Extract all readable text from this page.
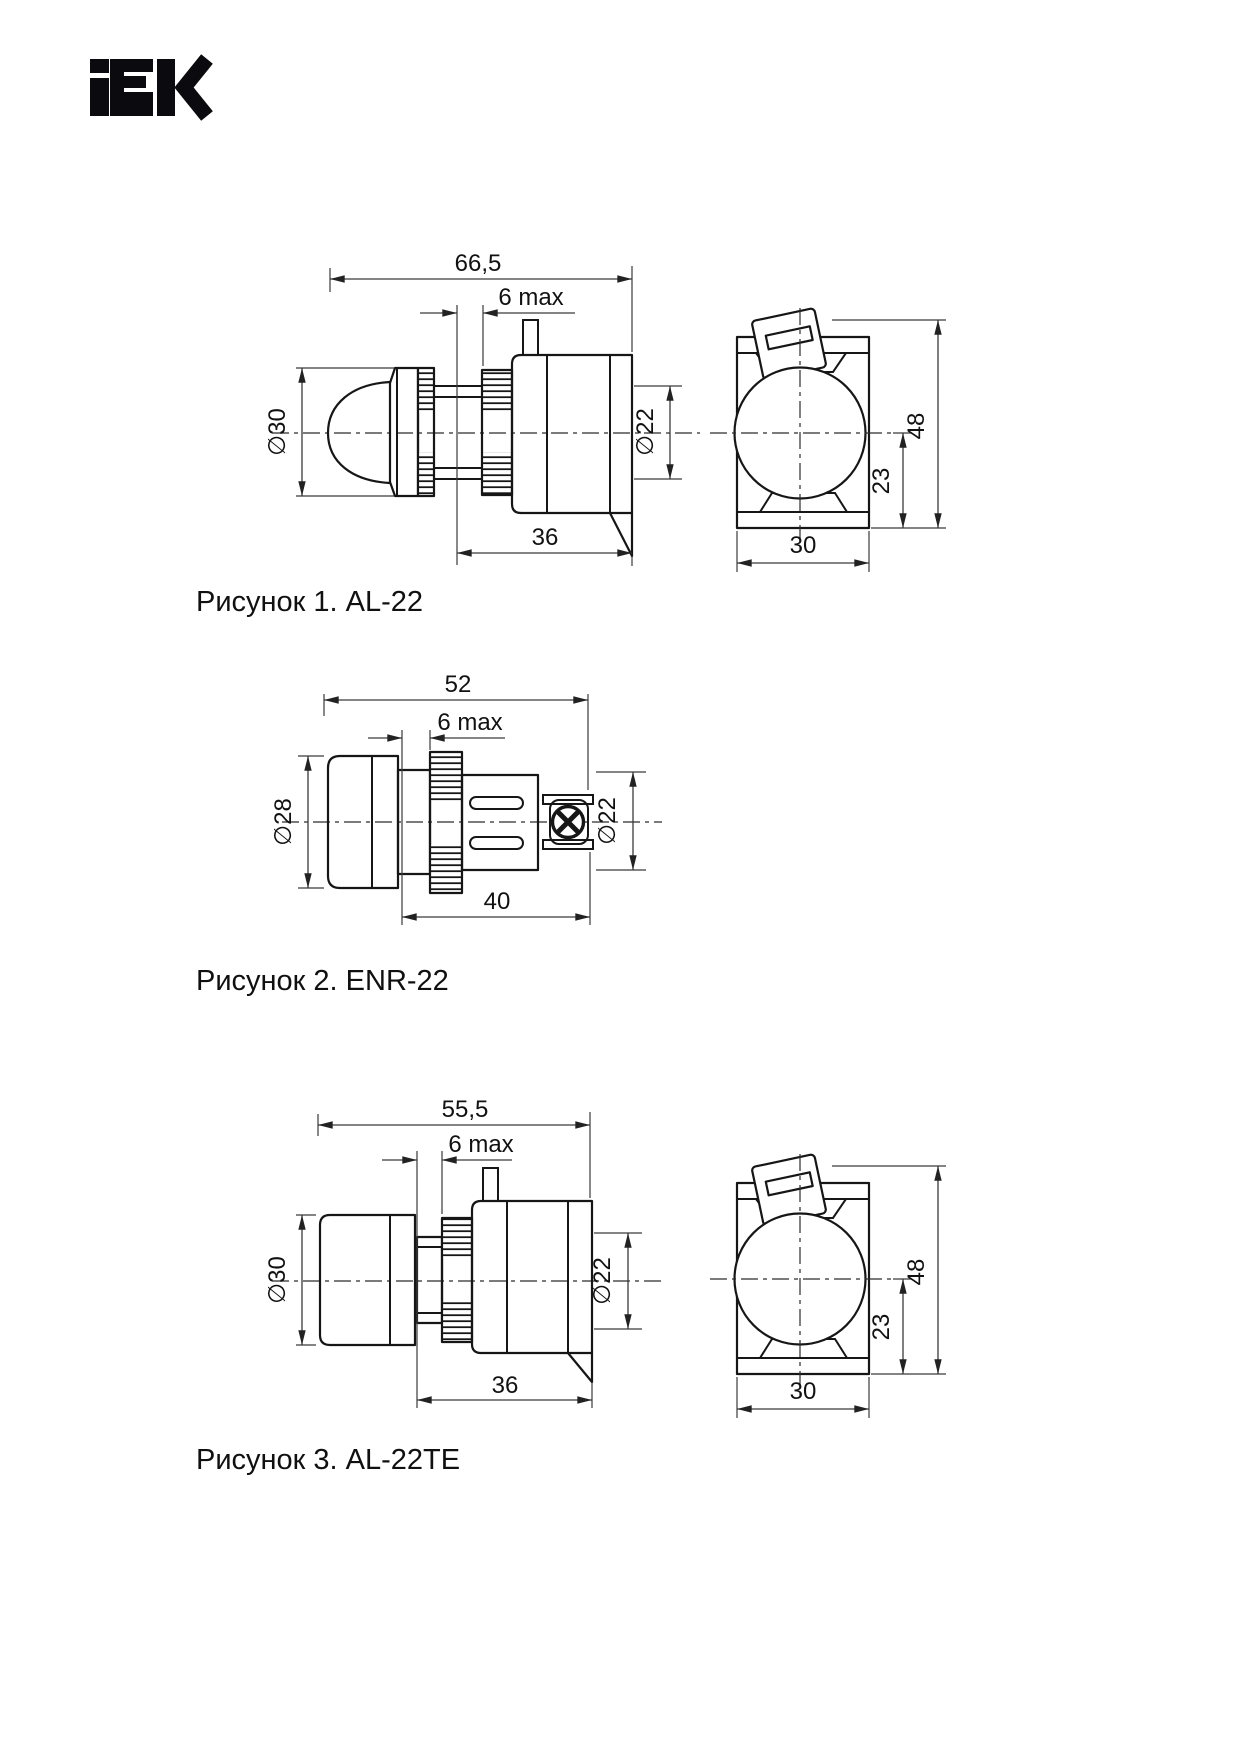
66,5
6 max
∅30	∅22
36
48
23
30
Рисунок 1. AL-22
52
6 max
∅28	∅22
40
Рисунок 2. ENR-22
55,5
6 max
∅30	∅22
36
48
23
30
Рисунок 3. AL-22TE
